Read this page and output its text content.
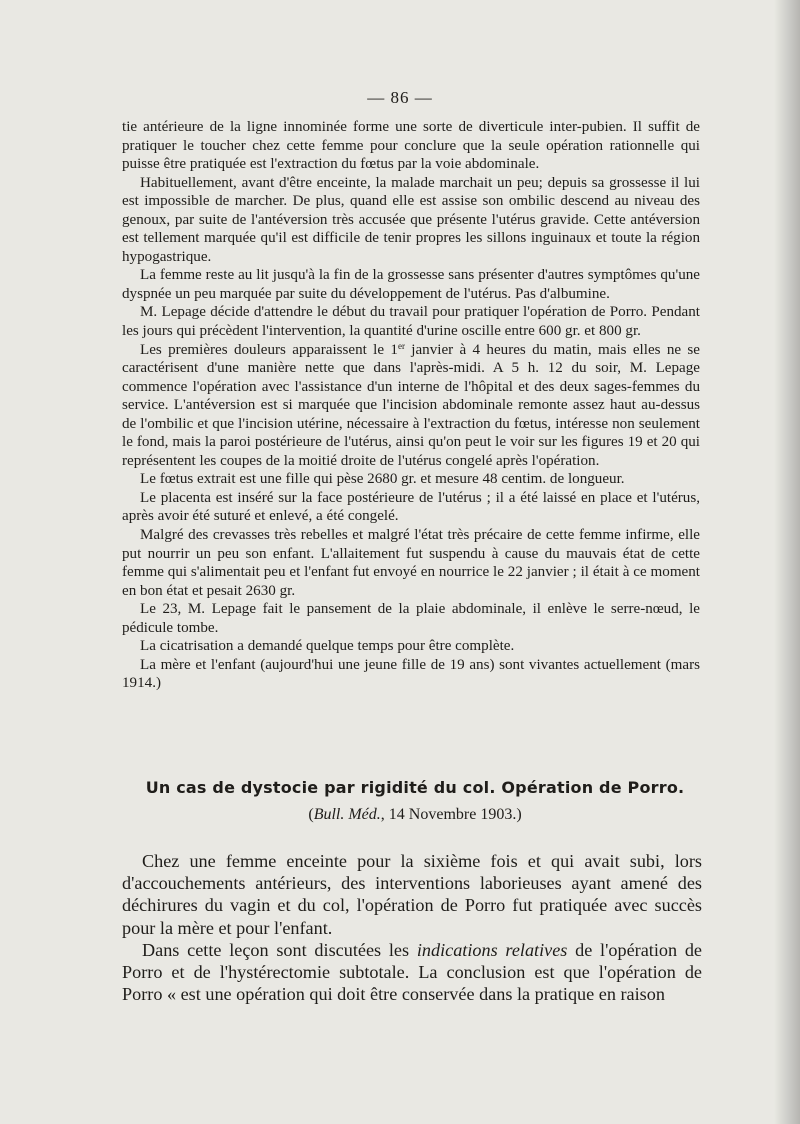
— 86 —

tie antérieure de la ligne innominée forme une sorte de diverticule inter-pubien. Il suffit de pratiquer le toucher chez cette femme pour conclure que la seule opération rationnelle qui puisse être pratiquée est l'extraction du fœtus par la voie abdominale.

Habituellement, avant d'être enceinte, la malade marchait un peu; depuis sa grossesse il lui est impossible de marcher. De plus, quand elle est assise son ombilic descend au niveau des genoux, par suite de l'antéversion très accusée que présente l'utérus gravide. Cette antéversion est tellement marquée qu'il est difficile de tenir propres les sillons inguinaux et toute la région hypogastrique.

La femme reste au lit jusqu'à la fin de la grossesse sans présenter d'autres symptômes qu'une dyspnée un peu marquée par suite du développement de l'utérus. Pas d'albumine.

M. Lepage décide d'attendre le début du travail pour pratiquer l'opération de Porro. Pendant les jours qui précèdent l'intervention, la quantité d'urine oscille entre 600 gr. et 800 gr.

Les premières douleurs apparaissent le 1er janvier à 4 heures du matin, mais elles ne se caractérisent d'une manière nette que dans l'après-midi. A 5 h. 12 du soir, M. Lepage commence l'opération avec l'assistance d'un interne de l'hôpital et des deux sages-femmes du service. L'antéversion est si marquée que l'incision abdominale remonte assez haut au-dessus de l'ombilic et que l'incision utérine, nécessaire à l'extraction du fœtus, intéresse non seulement le fond, mais la paroi postérieure de l'utérus, ainsi qu'on peut le voir sur les figures 19 et 20 qui représentent les coupes de la moitié droite de l'utérus congelé après l'opération.

Le fœtus extrait est une fille qui pèse 2680 gr. et mesure 48 centim. de longueur.

Le placenta est inséré sur la face postérieure de l'utérus ; il a été laissé en place et l'utérus, après avoir été suturé et enlevé, a été congelé.

Malgré des crevasses très rebelles et malgré l'état très précaire de cette femme infirme, elle put nourrir un peu son enfant. L'allaitement fut suspendu à cause du mauvais état de cette femme qui s'alimentait peu et l'enfant fut envoyé en nourrice le 22 janvier ; il était à ce moment en bon état et pesait 2630 gr.

Le 23, M. Lepage fait le pansement de la plaie abdominale, il enlève le serre-nœud, le pédicule tombe.

La cicatrisation a demandé quelque temps pour être complète.

La mère et l'enfant (aujourd'hui une jeune fille de 19 ans) sont vivantes actuellement (mars 1914.)

Un cas de dystocie par rigidité du col. Opération de Porro.
(Bull. Méd., 14 Novembre 1903.)

Chez une femme enceinte pour la sixième fois et qui avait subi, lors d'accouchements antérieurs, des interventions laborieuses ayant amené des déchirures du vagin et du col, l'opération de Porro fut pratiquée avec succès pour la mère et pour l'enfant.

Dans cette leçon sont discutées les indications relatives de l'opération de Porro et de l'hystérectomie subtotale. La conclusion est que l'opération de Porro « est une opération qui doit être conservée dans la pratique en raison
